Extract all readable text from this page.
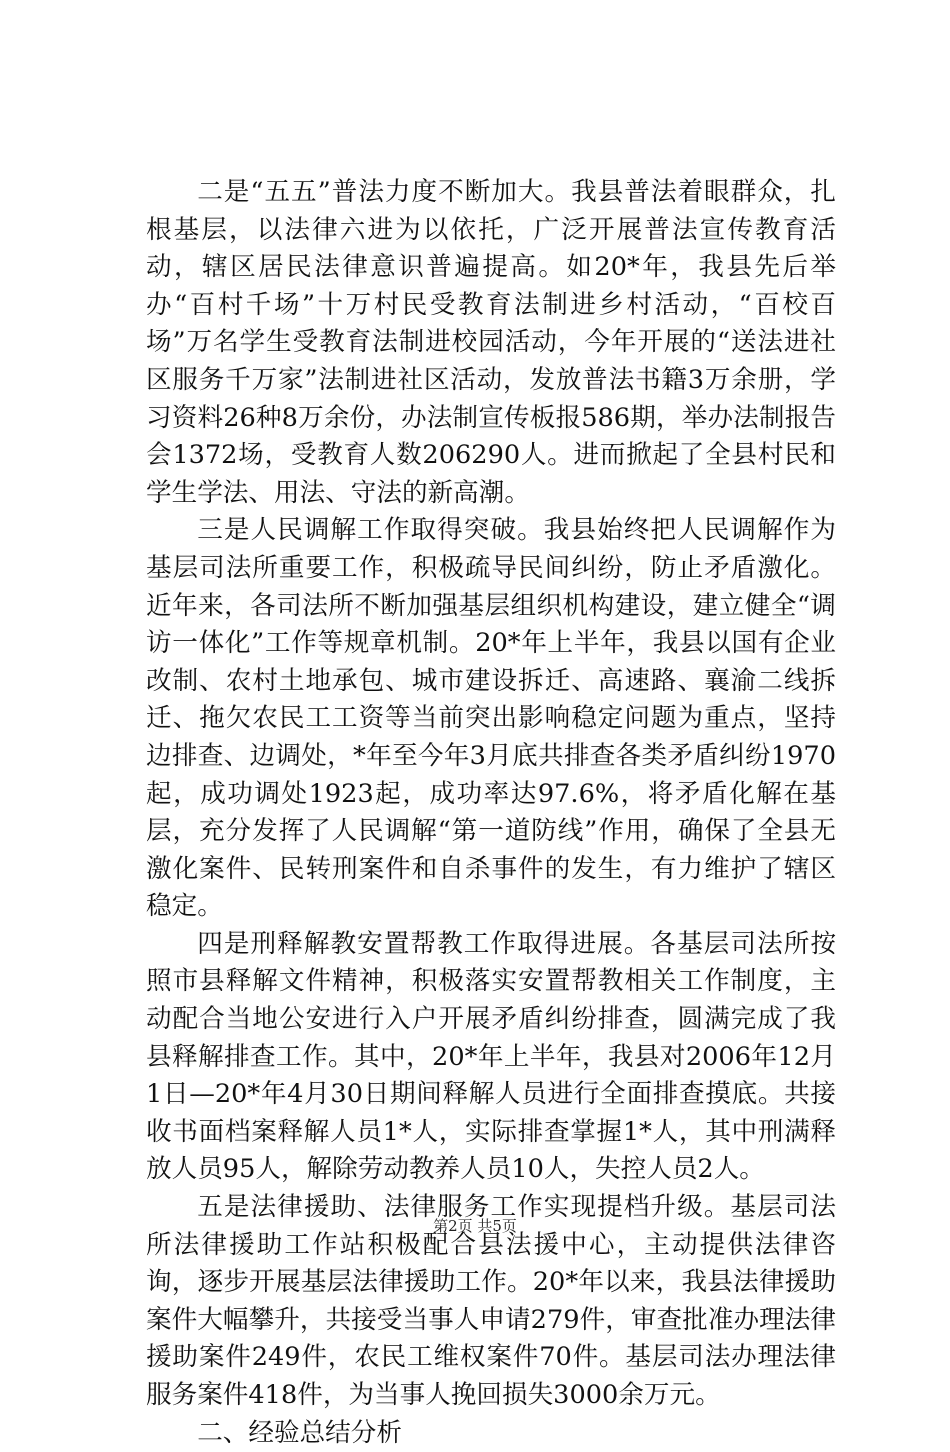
二是“五五”普法力度不断加大。我县普法着眼群众，扎根基层，以法律六进为以依托，广泛开展普法宣传教育活动，辖区居民法律意识普遍提高。如20*年，我县先后举办“百村千场”十万村民受教育法制进乡村活动，“百校百场”万名学生受教育法制进校园活动，今年开展的“送法进社区服务千万家”法制进社区活动，发放普法书籍3万余册，学习资料26种8万余份，办法制宣传板报586期，举办法制报告会1372场，受教育人数206290人。进而掀起了全县村民和学生学法、用法、守法的新高潮。

三是人民调解工作取得突破。我县始终把人民调解作为基层司法所重要工作，积极疏导民间纠纷，防止矛盾激化。近年来，各司法所不断加强基层组织机构建设，建立健全“调访一体化”工作等规章机制。20*年上半年，我县以国有企业改制、农村土地承包、城市建设拆迁、高速路、襄渝二线拆迁、拖欠农民工工资等当前突出影响稳定问题为重点，坚持边排查、边调处，*年至今年3月底共排查各类矛盾纠纷1970起，成功调处1923起，成功率达97.6%，将矛盾化解在基层，充分发挥了人民调解“第一道防线”作用，确保了全县无激化案件、民转刑案件和自杀事件的发生，有力维护了辖区稳定。

四是刑释解教安置帮教工作取得进展。各基层司法所按照市县释解文件精神，积极落实安置帮教相关工作制度，主动配合当地公安进行入户开展矛盾纠纷排查，圆满完成了我县释解排查工作。其中，20*年上半年，我县对2006年12月1日—20*年4月30日期间释解人员进行全面排查摸底。共接收书面档案释解人员1*人，实际排查掌握1*人，其中刑满释放人员95人，解除劳动教养人员10人，失控人员2人。

五是法律援助、法律服务工作实现提档升级。基层司法所法律援助工作站积极配合县法援中心，主动提供法律咨询，逐步开展基层法律援助工作。20*年以来，我县法律援助案件大幅攀升，共接受当事人申请279件，审查批准办理法律援助案件249件，农民工维权案件70件。基层司法办理法律服务案件418件，为当事人挽回损失3000余万元。

二、经验总结分析

第2页 共5页
